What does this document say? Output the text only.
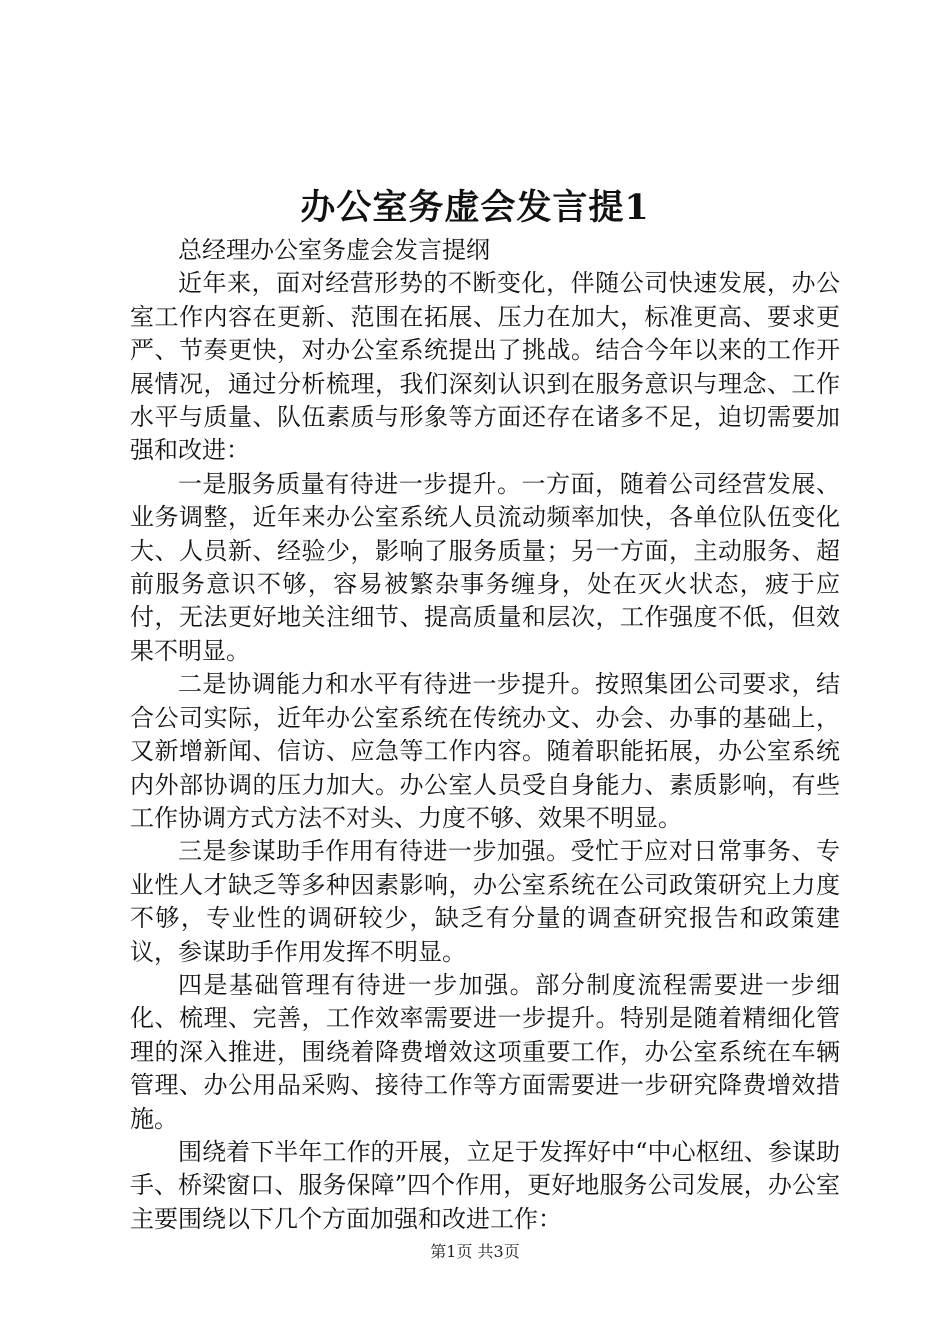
办公室务虚会发言提1

总经理办公室务虚会发言提纲

近年来，面对经营形势的不断变化，伴随公司快速发展，办公室工作内容在更新、范围在拓展、压力在加大，标准更高、要求更严、节奏更快，对办公室系统提出了挑战。结合今年以来的工作开展情况，通过分析梳理，我们深刻认识到在服务意识与理念、工作水平与质量、队伍素质与形象等方面还存在诸多不足，迫切需要加强和改进：

一是服务质量有待进一步提升。一方面，随着公司经营发展、业务调整，近年来办公室系统人员流动频率加快，各单位队伍变化大、人员新、经验少，影响了服务质量；另一方面，主动服务、超前服务意识不够，容易被繁杂事务缠身，处在灭火状态，疲于应付，无法更好地关注细节、提高质量和层次，工作强度不低，但效果不明显。

二是协调能力和水平有待进一步提升。按照集团公司要求，结合公司实际，近年办公室系统在传统办文、办会、办事的基础上，又新增新闻、信访、应急等工作内容。随着职能拓展，办公室系统内外部协调的压力加大。办公室人员受自身能力、素质影响，有些工作协调方式方法不对头、力度不够、效果不明显。

三是参谋助手作用有待进一步加强。受忙于应对日常事务、专业性人才缺乏等多种因素影响，办公室系统在公司政策研究上力度不够，专业性的调研较少，缺乏有分量的调查研究报告和政策建议，参谋助手作用发挥不明显。

四是基础管理有待进一步加强。部分制度流程需要进一步细化、梳理、完善，工作效率需要进一步提升。特别是随着精细化管理的深入推进，围绕着降费增效这项重要工作，办公室系统在车辆管理、办公用品采购、接待工作等方面需要进一步研究降费增效措施。

围绕着下半年工作的开展，立足于发挥好中“中心枢纽、参谋助手、桥梁窗口、服务保障”四个作用，更好地服务公司发展，办公室主要围绕以下几个方面加强和改进工作：

第1页 共3页
